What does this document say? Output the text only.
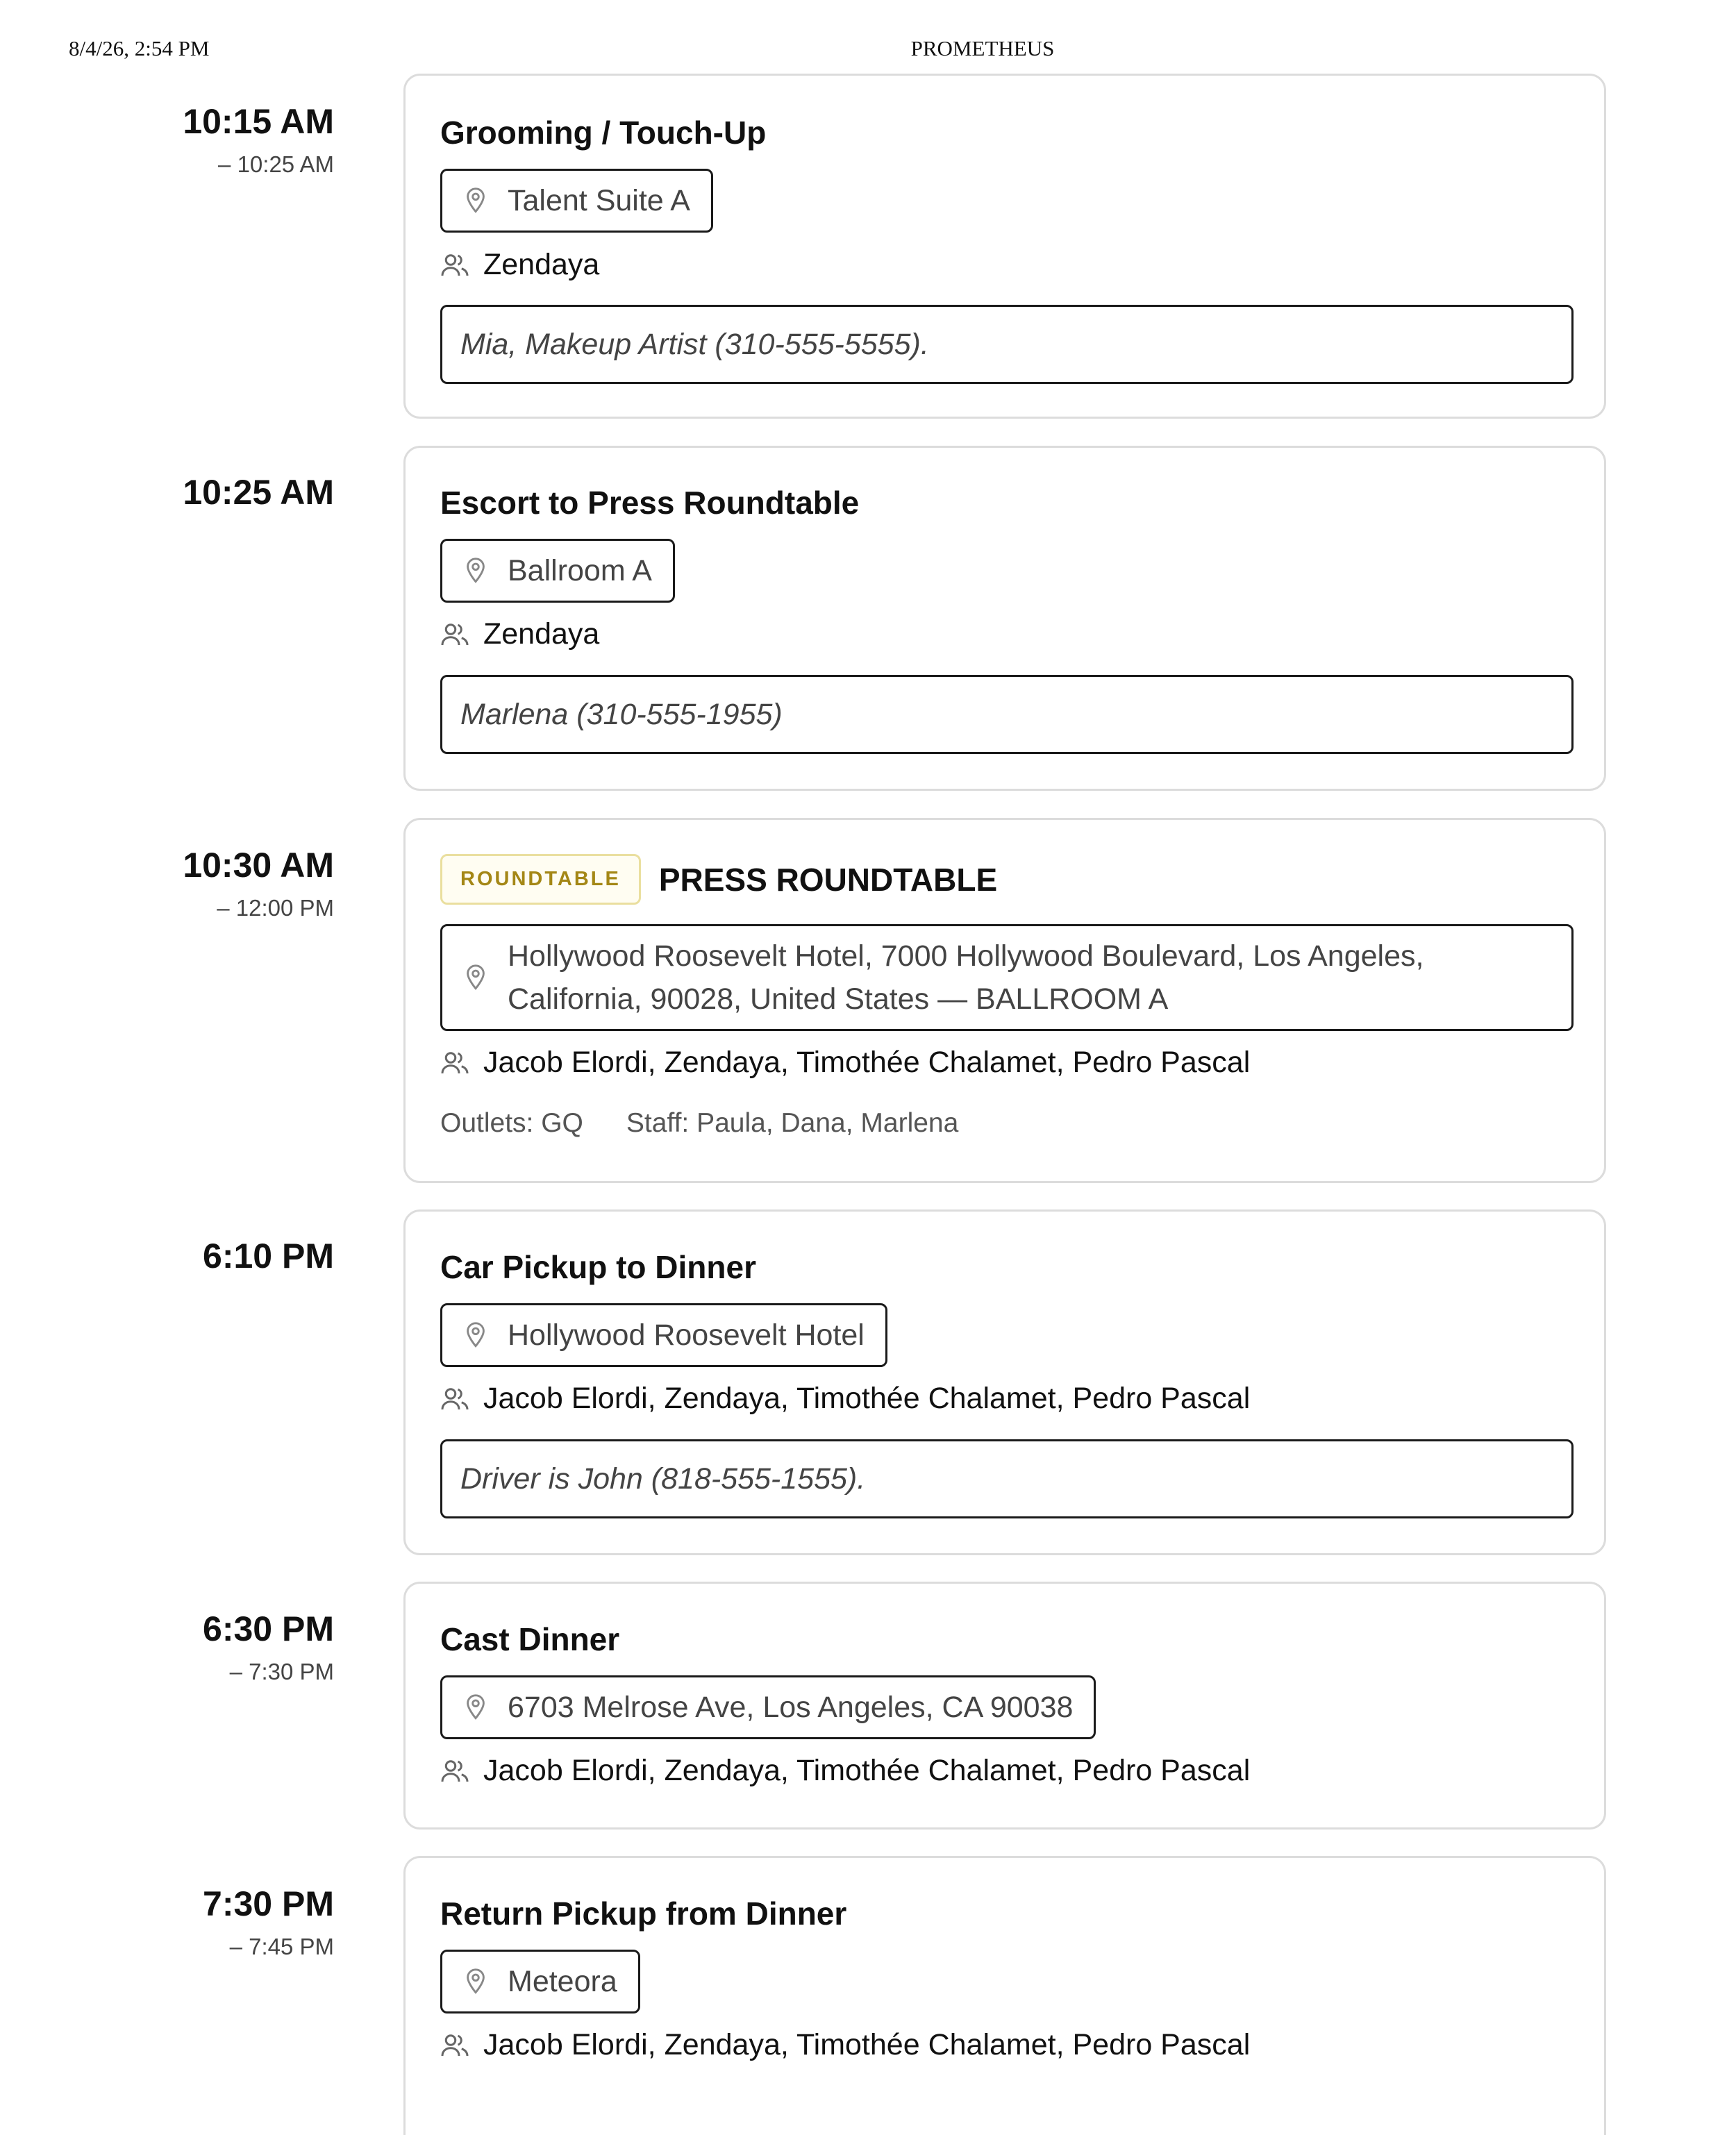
8/4/26, 2:54 PM	PROMETHEUS
10:15 AM
– 10:25 AM
Grooming / Touch-Up
Talent Suite A
Zendaya
Mia, Makeup Artist (310-555-5555).
10:25 AM	Escort to Press Roundtable
Ballroom A
Zendaya
Marlena (310-555-1955)
10:30 AM
– 12:00 PM
ROUNDTABLE	PRESS ROUNDTABLE
Hollywood Roosevelt Hotel, 7000 Hollywood Boulevard, Los Angeles, California, 90028, United States — BALLROOM A
Jacob Elordi, Zendaya, Timothée Chalamet, Pedro Pascal
Outlets: GQ Staff: Paula, Dana, Marlena
6:10 PM	Car Pickup to Dinner
Hollywood Roosevelt Hotel
Jacob Elordi, Zendaya, Timothée Chalamet, Pedro Pascal
Driver is John (818-555-1555).
6:30 PM
– 7:30 PM
Cast Dinner
6703 Melrose Ave, Los Angeles, CA 90038
Jacob Elordi, Zendaya, Timothée Chalamet, Pedro Pascal
7:30 PM
– 7:45 PM
Return Pickup from Dinner
Meteora
Jacob Elordi, Zendaya, Timothée Chalamet, Pedro Pascal
